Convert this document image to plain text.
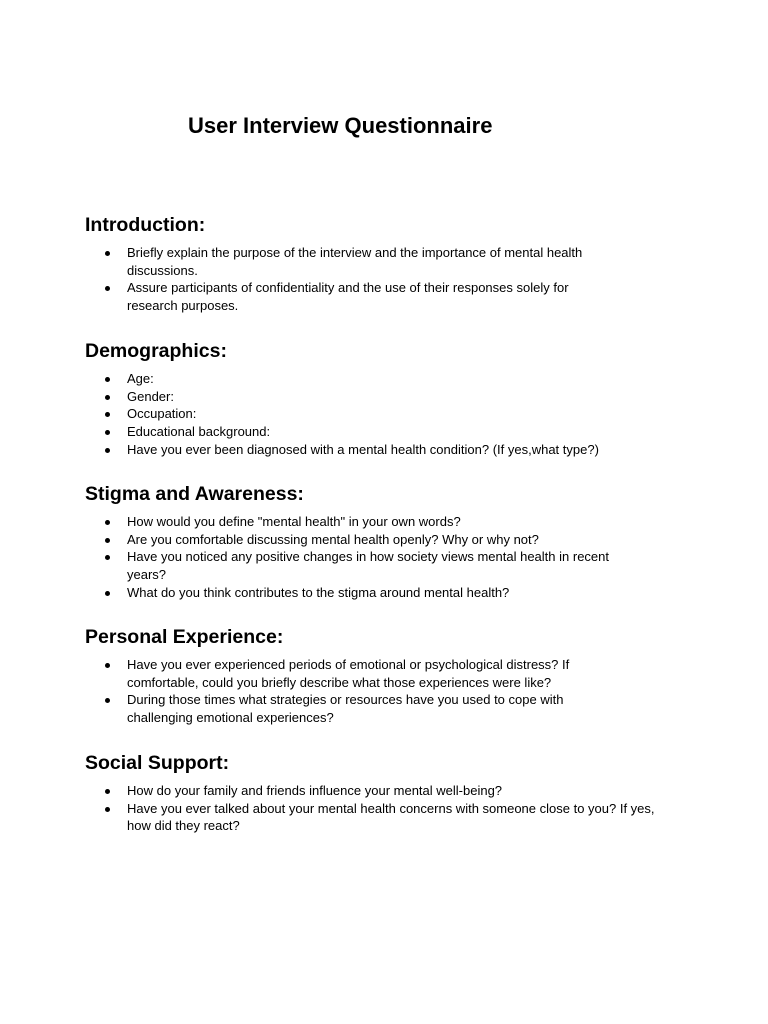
User Interview Questionnaire
Introduction:
Briefly explain the purpose of the interview and the importance of mental health discussions.
Assure participants of confidentiality and the use of their responses solely for research purposes.
Demographics:
Age:
Gender:
Occupation:
Educational background:
Have you ever been diagnosed with a mental health condition? (If yes,what type?)
Stigma and Awareness:
How would you define "mental health" in your own words?
Are you comfortable discussing mental health openly? Why or why not?
Have you noticed any positive changes in how society views mental health in recent years?
What do you think contributes to the stigma around mental health?
Personal Experience:
Have you ever experienced periods of emotional or psychological distress? If comfortable, could you briefly describe what those experiences were like?
During those times what strategies or resources have you used to cope with challenging emotional experiences?
Social Support:
How do your family and friends influence your mental well-being?
Have you ever talked about your mental health concerns with someone close to you? If yes, how did they react?
